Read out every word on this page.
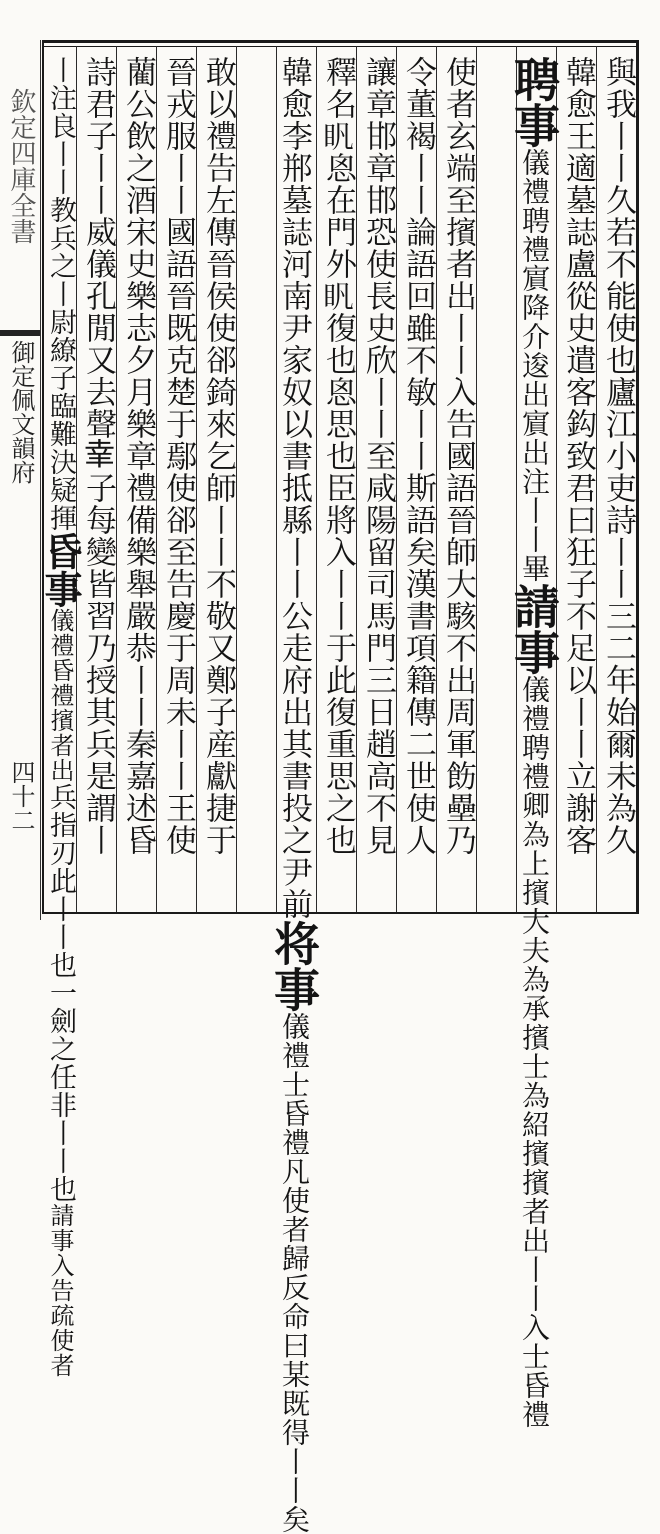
欽定四庫全書
御定佩文韻府
四十二	與我丨丨久若不能使也廬江小吏詩丨丨三二年始爾未為久
韓愈王適墓誌盧從史遣客鈎致君曰狂子不足以丨丨立謝客
聘事儀禮聘禮賔降介逡出賔出注丨丨畢請事儀禮聘禮卿為上擯大夫為承擯士為紹擯擯者出丨丨入士昏禮
使者玄端至擯者出丨丨入告國語晉師大駭不出周軍飭壘乃
令董褐丨丨論語回雖不敏丨丨斯語矣漢書項籍傳二世使人
讓章邯章邯恐使長史欣丨丨至咸陽留司馬門三日趙高不見
釋名𥃵恖在門外𥃵復也恖思也臣將入丨丨于此復重思之也
韓愈李郱墓誌河南尹家奴以書抵縣丨丨公走府出其書投之尹前将事儀禮士昏禮凡使者歸反命曰某既得丨丨矣
敢以禮告左傳晉侯使郤錡來乞師丨丨不敬又鄭子産獻捷于
晉戎服丨丨國語晉既克楚于鄢使郤至告慶于周未丨丨王使
藺公飲之酒宋史樂志夕月樂章禮備樂舉嚴恭丨丨秦嘉述昏
詩君子丨丨威儀孔閒又去聲𦍒子每變皆習乃授其兵是謂丨
丨注良丨丨教兵之丨尉繚子臨難決疑揮昏事儀禮昏禮擯者出兵指刃此丨丨也一劍之任非丨丨也請事入告疏使者
